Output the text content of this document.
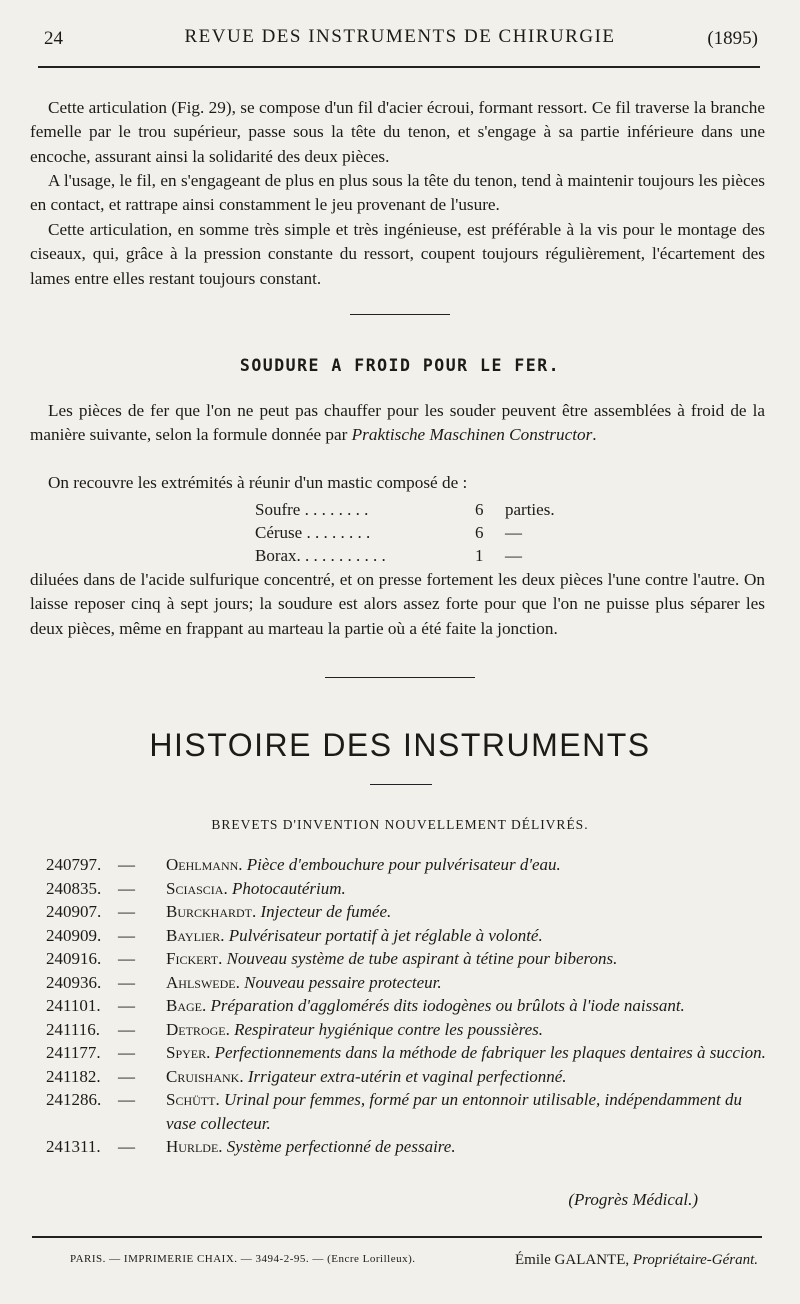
24	REVUE DES INSTRUMENTS DE CHIRURGIE	(1895)

Cette articulation (Fig. 29), se compose d'un fil d'acier écroui, formant ressort. Ce fil traverse la branche femelle par le trou supérieur, passe sous la tête du tenon, et s'engage à sa partie inférieure dans une encoche, assurant ainsi la solidarité des deux pièces.

A l'usage, le fil, en s'engageant de plus en plus sous la tête du tenon, tend à maintenir toujours les pièces en contact, et rattrape ainsi constamment le jeu provenant de l'usure.

Cette articulation, en somme très simple et très ingénieuse, est préférable à la vis pour le montage des ciseaux, qui, grâce à la pression constante du ressort, coupent toujours régulièrement, l'écartement des lames entre elles restant toujours constant.

SOUDURE A FROID POUR LE FER.

Les pièces de fer que l'on ne peut pas chauffer pour les souder peuvent être assemblées à froid de la manière suivante, selon la formule donnée par Praktische Maschinen Constructor.

On recouvre les extrémités à réunir d'un mastic composé de :

Soufre . . . . . . . .	6	parties.
Céruse . . . . . . . .	6	—
Borax. . . . . . . . . . .	1	—

diluées dans de l'acide sulfurique concentré, et on presse fortement les deux pièces l'une contre l'autre. On laisse reposer cinq à sept jours; la soudure est alors assez forte pour que l'on ne puisse plus séparer les deux pièces, même en frappant au marteau la partie où a été faite la jonction.

HISTOIRE DES INSTRUMENTS
BREVETS D'INVENTION NOUVELLEMENT DÉLIVRÉS.
240797. —	Oehlmann. Pièce d'embouchure pour pulvérisateur d'eau.
240835. —	Sciascia. Photocautérium.
240907. —	Burckhardt. Injecteur de fumée.
240909. —	Baylier. Pulvérisateur portatif à jet réglable à volonté.
240916. —	Fickert. Nouveau système de tube aspirant à tétine pour biberons.
240936. —	Ahlswede. Nouveau pessaire protecteur.
241101.	—	Bage. Préparation d'agglomérés dits iodogènes ou brûlots à l'iode naissant.
241116.	—	Detroge. Respirateur hygiénique contre les poussières.
241177.	—	Spyer. Perfectionnements dans la méthode de fabriquer les plaques dentaires à succion.
241182.	—	Cruishank. Irrigateur extra-utérin et vaginal perfectionné.
241286. —	Schütt. Urinal pour femmes, formé par un entonnoir utilisable, indépendamment du vase collecteur.
241311.	—	Hurlde. Système perfectionné de pessaire.
(Progrès Médical.)
PARIS. — IMPRIMERIE CHAIX. — 3494-2-95. — (Encre Lorilleux).	Émile GALANTE, Propriétaire-Gérant.
